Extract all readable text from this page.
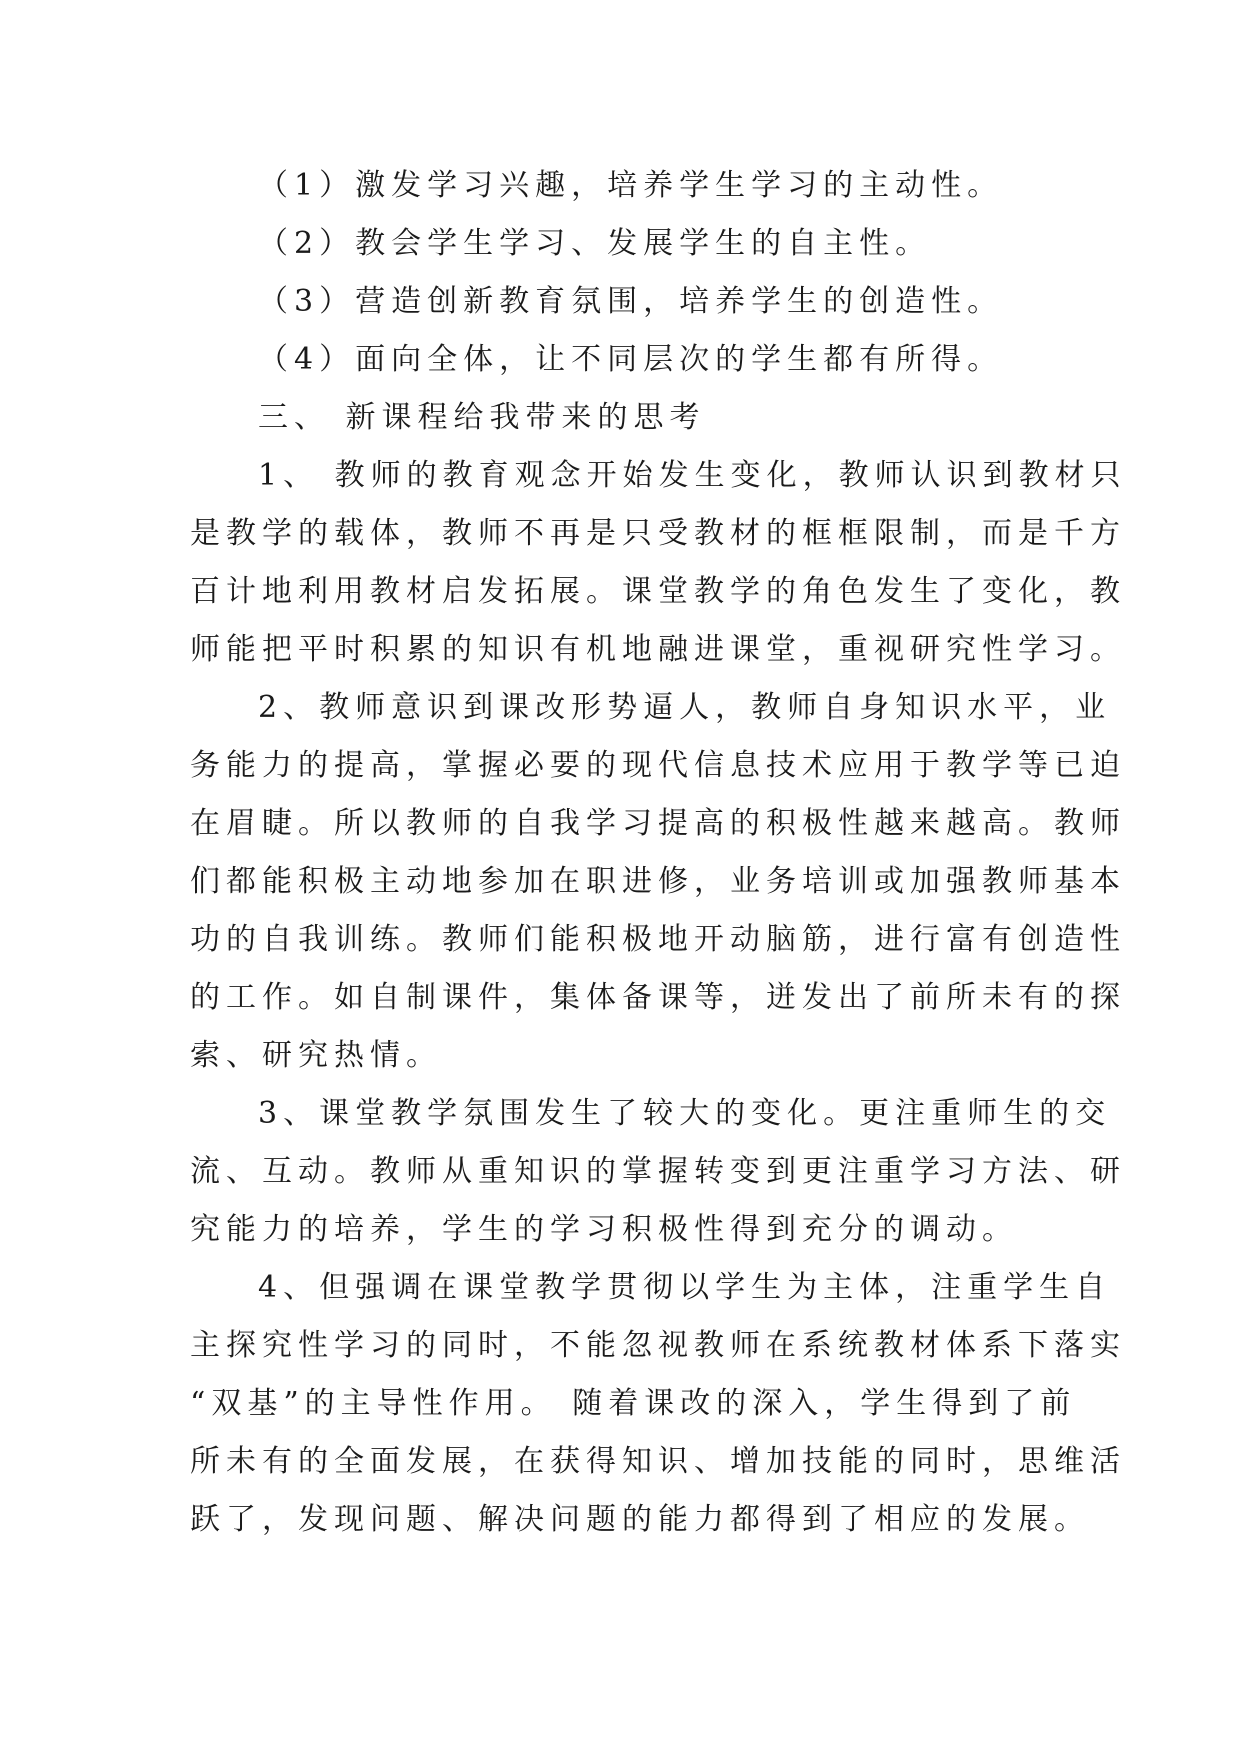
（1）激发学习兴趣，培养学生学习的主动性。

（2）教会学生学习、发展学生的自主性。

（3）营造创新教育氛围，培养学生的创造性。

（4）面向全体，让不同层次的学生都有所得。

三、 新课程给我带来的思考

1、 教师的教育观念开始发生变化，教师认识到教材只

是教学的载体，教师不再是只受教材的框框限制，而是千方

百计地利用教材启发拓展。课堂教学的角色发生了变化，教

师能把平时积累的知识有机地融进课堂，重视研究性学习。

2、教师意识到课改形势逼人，教师自身知识水平，业

务能力的提高，掌握必要的现代信息技术应用于教学等已迫

在眉睫。所以教师的自我学习提高的积极性越来越高。教师

们都能积极主动地参加在职进修，业务培训或加强教师基本

功的自我训练。教师们能积极地开动脑筋，进行富有创造性

的工作。如自制课件，集体备课等，迸发出了前所未有的探

索、研究热情。

3、课堂教学氛围发生了较大的变化。更注重师生的交

流、互动。教师从重知识的掌握转变到更注重学习方法、研

究能力的培养，学生的学习积极性得到充分的调动。

4、但强调在课堂教学贯彻以学生为主体，注重学生自

主探究性学习的同时，不能忽视教师在系统教材体系下落实

“双基”的主导性作用。 随着课改的深入，学生得到了前

所未有的全面发展，在获得知识、增加技能的同时，思维活

跃了，发现问题、解决问题的能力都得到了相应的发展。
